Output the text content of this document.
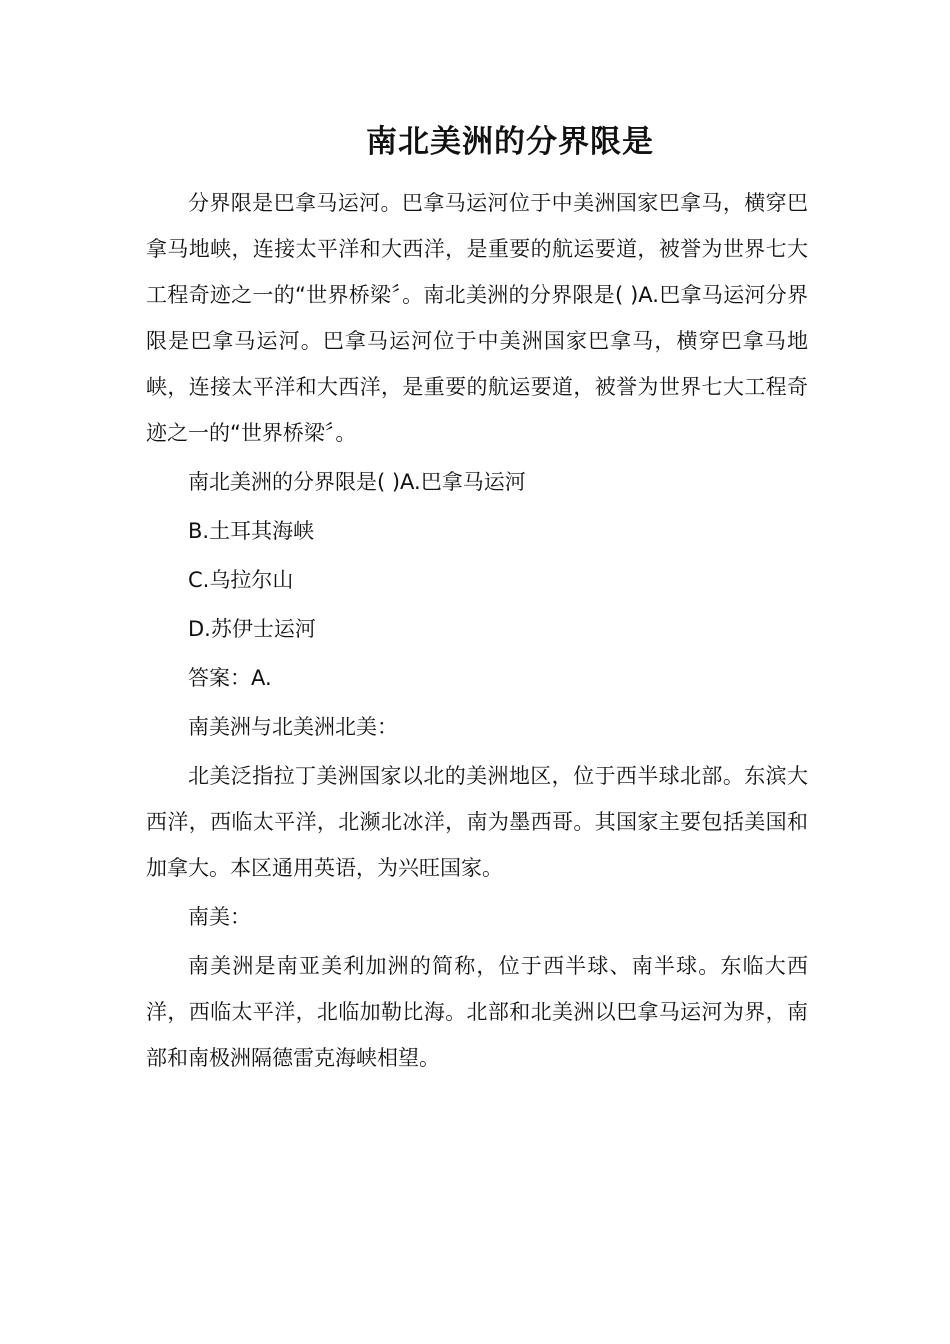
南北美洲的分界限是

分界限是巴拿马运河。巴拿马运河位于中美洲国家巴拿马，横穿巴拿马地峡，连接太平洋和大西洋，是重要的航运要道，被誉为世界七大工程奇迹之一的“世界桥梁〞。南北美洲的分界限是( )A.巴拿马运河分界限是巴拿马运河。巴拿马运河位于中美洲国家巴拿马，横穿巴拿马地峡，连接太平洋和大西洋，是重要的航运要道，被誉为世界七大工程奇迹之一的“世界桥梁〞。

南北美洲的分界限是( )A.巴拿马运河

B.土耳其海峡

C.乌拉尔山

D.苏伊士运河

答案：A.

南美洲与北美洲北美：

北美泛指拉丁美洲国家以北的美洲地区，位于西半球北部。东滨大西洋，西临太平洋，北濒北冰洋，南为墨西哥。其国家主要包括美国和加拿大。本区通用英语，为兴旺国家。

南美：

南美洲是南亚美利加洲的简称，位于西半球、南半球。东临大西洋，西临太平洋，北临加勒比海。北部和北美洲以巴拿马运河为界，南部和南极洲隔德雷克海峡相望。
